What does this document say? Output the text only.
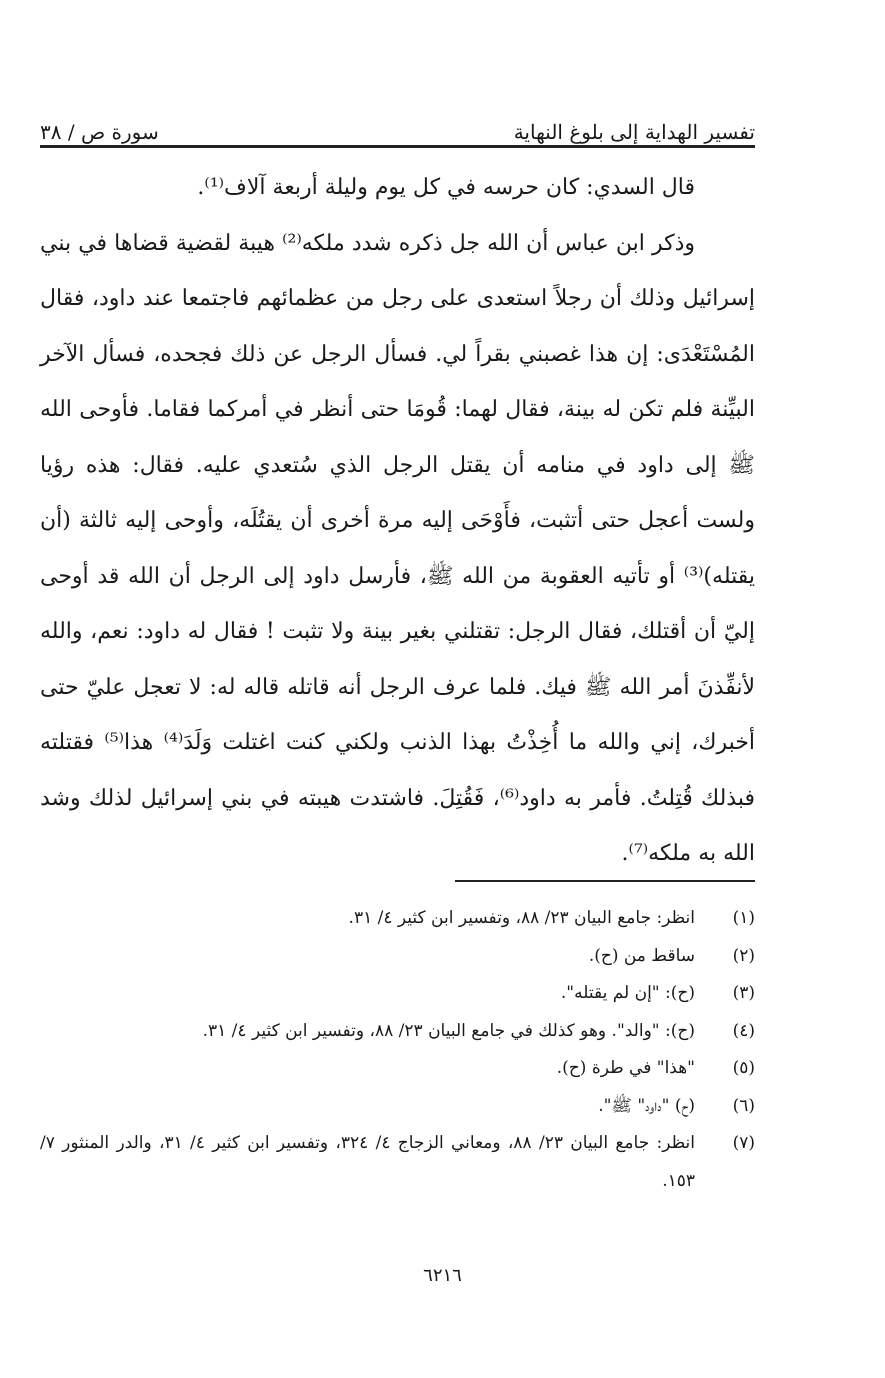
تفسير الهداية إلى بلوغ النهاية
سورة ص / ٣٨

قال السدي: كان حرسه في كل يوم وليلة أربعة آلاف⁽¹⁾.

وذكر ابن عباس أن الله جل ذكره شدد ملكه⁽²⁾ هيبة لقضية قضاها في بني إسرائيل وذلك أن رجلاً استعدى على رجل من عظمائهم فاجتمعا عند داود، فقال المُسْتَعْدَى: إن هذا غصبني بقراً لي. فسأل الرجل عن ذلك فجحده، فسأل الآخر البيِّنة فلم تكن له بينة، فقال لهما: قُومَا حتى أنظر في أمركما فقاما. فأوحى الله ﷺ إلى داود في منامه أن يقتل الرجل الذي سُتعدي عليه. فقال: هذه رؤيا ولست أعجل حتى أتثبت، فأَوْحَى إليه مرة أخرى أن يقتُلَه، وأوحى إليه ثالثة (أن يقتله)⁽³⁾ أو تأتيه العقوبة من الله ﷺ، فأرسل داود إلى الرجل أن الله قد أوحى إليّ أن أقتلك، فقال الرجل: تقتلني بغير بينة ولا تثبت ! فقال له داود: نعم، والله لأنفِّذنَ أمر الله ﷺ فيك. فلما عرف الرجل أنه قاتله قاله له: لا تعجل عليّ حتى أخبرك، إني والله ما أُخِذْتُ بهذا الذنب ولكني كنت اغتلت وَلَدَ⁽⁴⁾ هذا⁽⁵⁾ فقتلته فبذلك قُتِلتُ. فأمر به داود⁽⁶⁾، فَقُتِلَ. فاشتدت هيبته في بني إسرائيل لذلك وشد الله به ملكه⁽⁷⁾.

(١)
انظر: جامع البيان ٢٣/ ٨٨، وتفسير ابن كثير ٤/ ٣١.
(٢)
ساقط من (ح).
(٣)
(ح): "إن لم يقتله".
(٤)
(ح): "والد". وهو كذلك في جامع البيان ٢٣/ ٨٨، وتفسير ابن كثير ٤/ ٣١.
(٥)
"هذا" في طرة (ح).
(٦)
(ح) "داود" ﷺ".
(٧)
انظر: جامع البيان ٢٣/ ٨٨، ومعاني الزجاج ٤/ ٣٢٤، وتفسير ابن كثير ٤/ ٣١، والدر المنثور ٧/ ١٥٣.
٦٢١٦
